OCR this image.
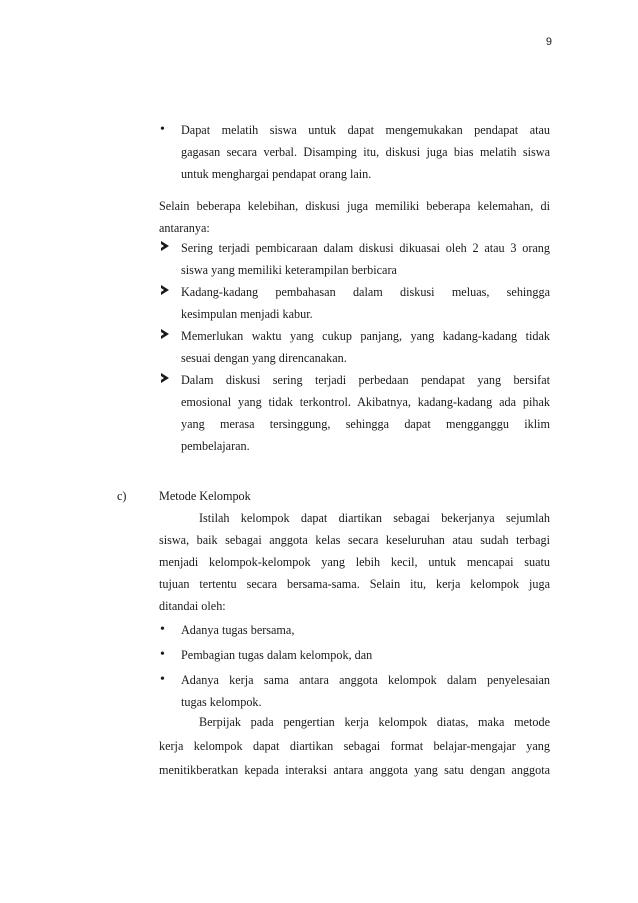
9
• Dapat melatih siswa untuk dapat mengemukakan pendapat atau
gagasan secara verbal. Disamping itu, diskusi juga bias melatih siswa
untuk menghargai pendapat orang lain.
Selain beberapa kelebihan, diskusi juga memiliki beberapa kelemahan, di
antaranya:
Sering terjadi pembicaraan dalam diskusi dikuasai oleh 2 atau 3 orang
siswa yang memiliki keterampilan berbicara
Kadang-kadang pembahasan dalam diskusi meluas, sehingga
kesimpulan menjadi kabur.
Memerlukan waktu yang cukup panjang, yang kadang-kadang tidak
sesuai dengan yang direncanakan.
Dalam diskusi sering terjadi perbedaan pendapat yang bersifat
emosional yang tidak terkontrol. Akibatnya, kadang-kadang ada pihak
yang merasa tersinggung, sehingga dapat mengganggu iklim
pembelajaran.
c)	Metode Kelompok
Istilah kelompok dapat diartikan sebagai bekerjanya sejumlah
siswa, baik sebagai anggota kelas secara keseluruhan atau sudah terbagi
menjadi kelompok-kelompok yang lebih kecil, untuk mencapai suatu
tujuan tertentu secara bersama-sama. Selain itu, kerja kelompok juga
ditandai oleh:
• Adanya tugas bersama,
• Pembagian tugas dalam kelompok, dan
• Adanya kerja sama antara anggota kelompok dalam penyelesaian
tugas kelompok.
Berpijak pada pengertian kerja kelompok diatas, maka metode
kerja kelompok dapat diartikan sebagai format belajar-mengajar yang
menitikberatkan kepada interaksi antara anggota yang satu dengan anggota
